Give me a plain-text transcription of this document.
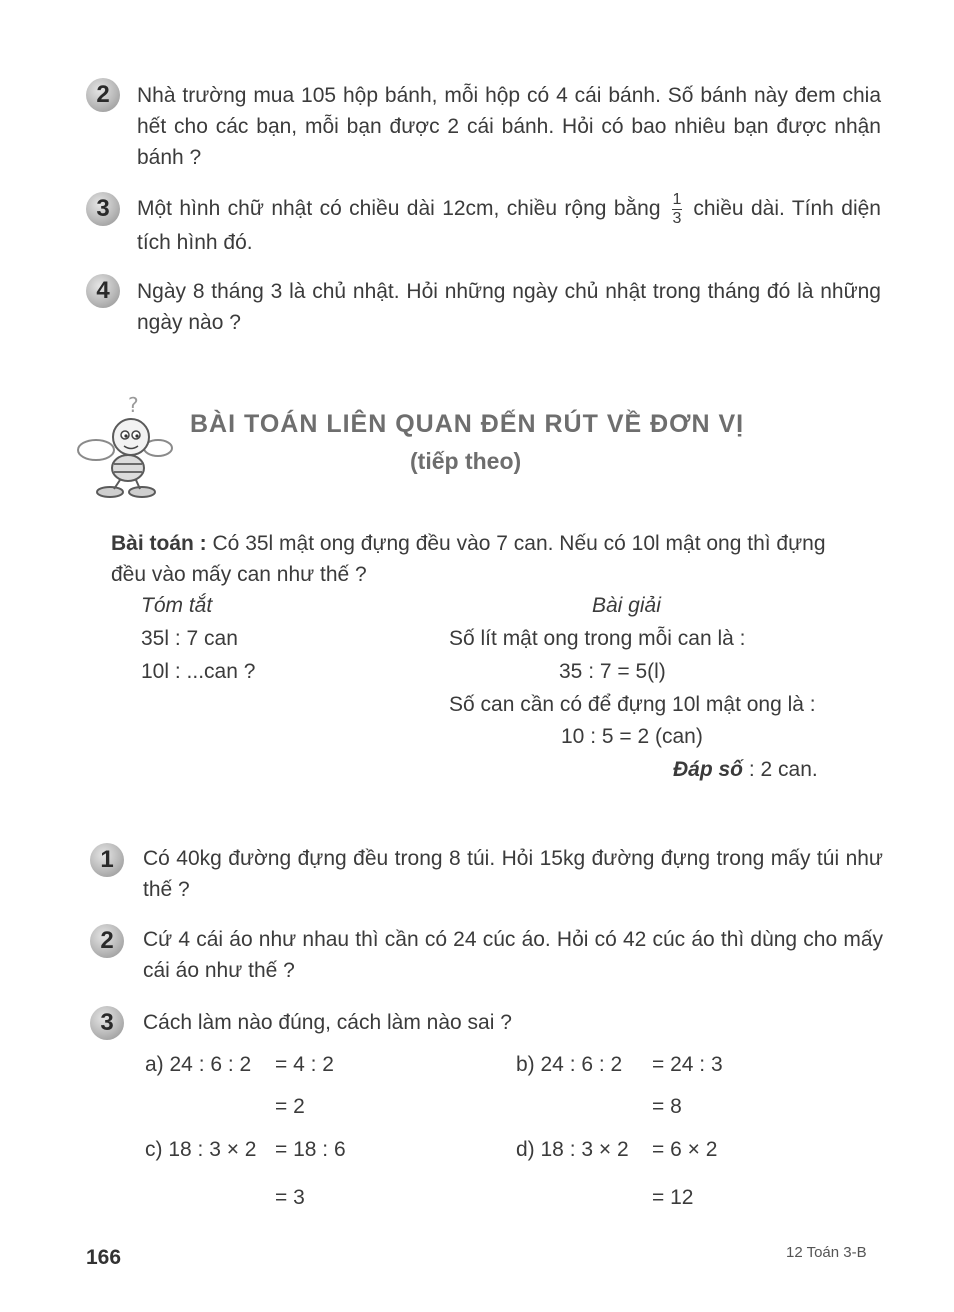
2 Nhà trường mua 105 hộp bánh, mỗi hộp có 4 cái bánh. Số bánh này đem chia hết cho các bạn, mỗi bạn được 2 cái bánh. Hỏi có bao nhiêu bạn được nhận bánh ?
3 Một hình chữ nhật có chiều dài 12cm, chiều rộng bằng $\frac{1}{3}$ chiều dài. Tính diện tích hình đó.
4 Ngày 8 tháng 3 là chủ nhật. Hỏi những ngày chủ nhật trong tháng đó là những ngày nào ?
?
BÀI TOÁN LIÊN QUAN ĐẾN RÚT VỀ ĐƠN VỊ
(tiếp theo)
Bài toán : Có 35l mật ong đựng đều vào 7 can. Nếu có 10l mật ong thì đựng đều vào mấy can như thế ?
Tóm tắt
35l : 7 can
10l : ...can ?
Bài giải
Số lít mật ong trong mỗi can là :
35 : 7 = 5(l)
Số can cần có để đựng 10l mật ong là :
10 : 5 = 2 (can)
Đáp số : 2 can.
1 Có 40kg đường đựng đều trong 8 túi. Hỏi 15kg đường đựng trong mấy túi như thế ?
2 Cứ 4 cái áo như nhau thì cần có 24 cúc áo. Hỏi có 42 cúc áo thì dùng cho mấy cái áo như thế ?
3 Cách làm nào đúng, cách làm nào sai ?
a) 24 : 6 : 2 = 4 : 2
= 2
b) 24 : 6 : 2 = 24 : 3
= 8
c) 18 : 3 × 2 = 18 : 6
= 3
d) 18 : 3 × 2 = 6 × 2
= 12
166	12 Toán 3-B
